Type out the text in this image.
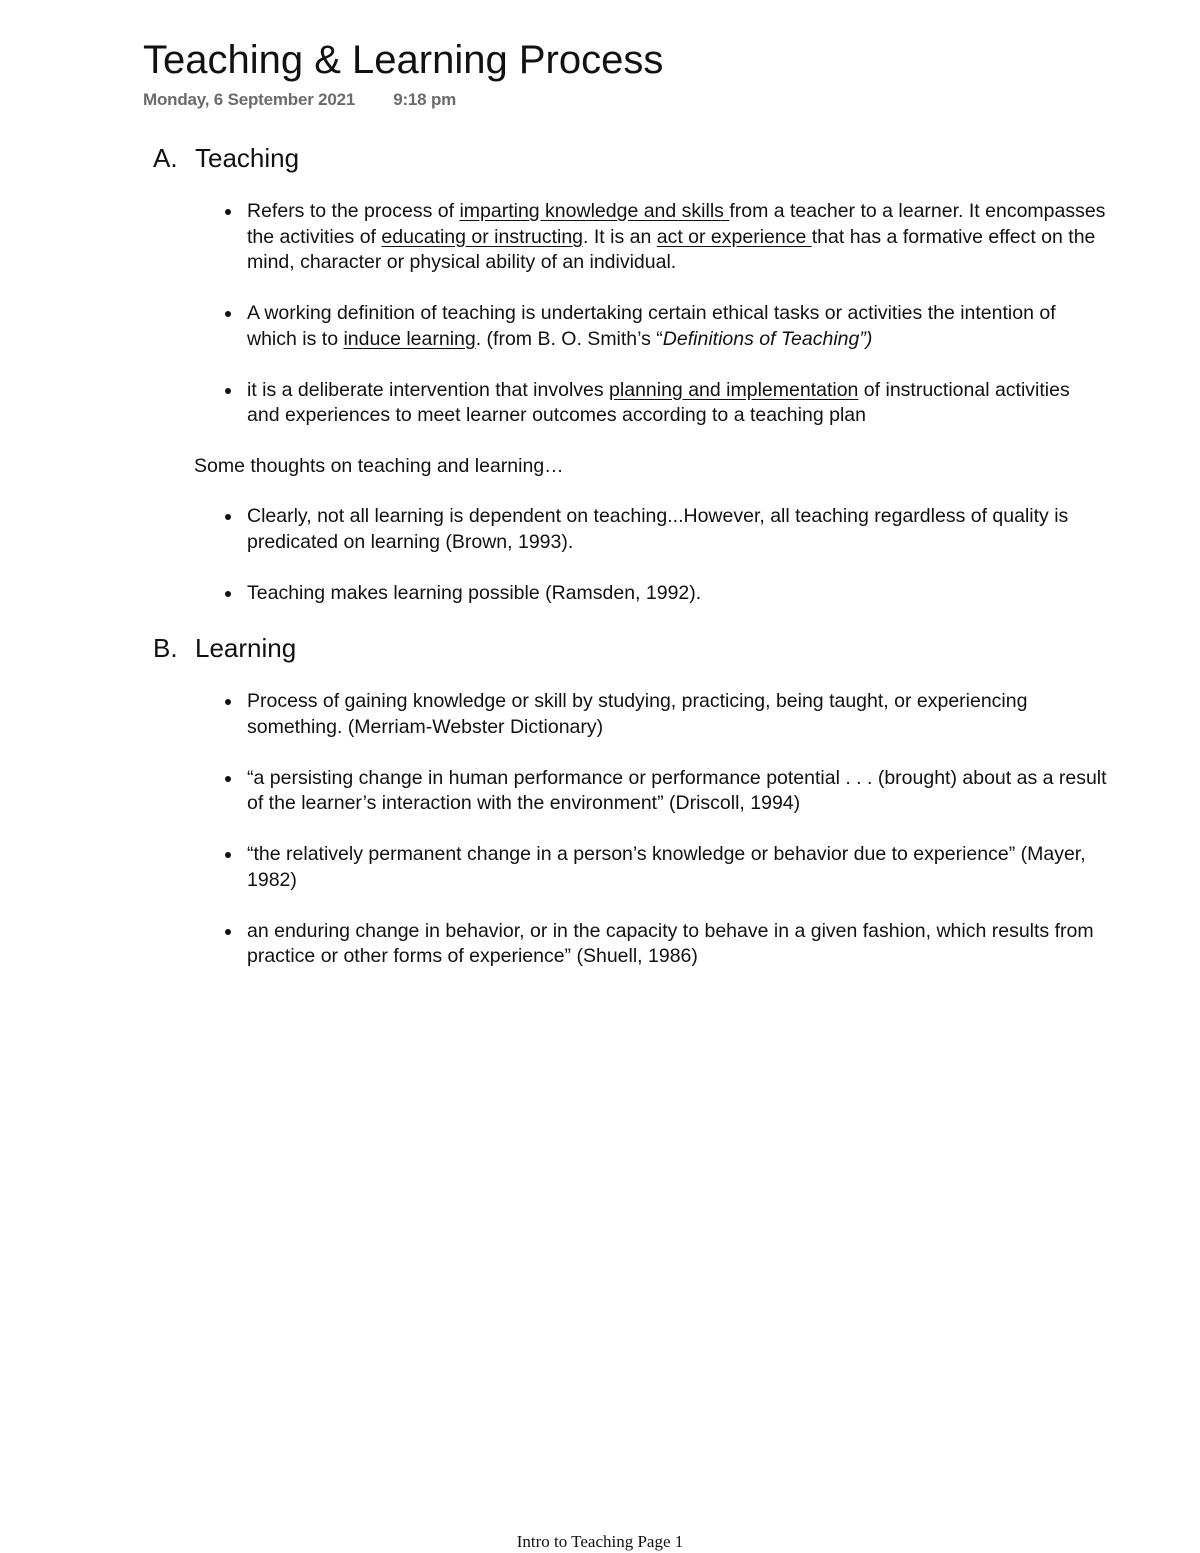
Teaching & Learning Process
Monday, 6 September 2021 9:18 pm
A. Teaching
Refers to the process of imparting knowledge and skills from a teacher to a learner. It encompasses the activities of educating or instructing. It is an act or experience that has a formative effect on the mind, character or physical ability of an individual.
A working definition of teaching is undertaking certain ethical tasks or activities the intention of which is to induce learning. (from B. O. Smith’s “Definitions of Teaching”)
it is a deliberate intervention that involves planning and implementation of instructional activities and experiences to meet learner outcomes according to a teaching plan

Some thoughts on teaching and learning…

Clearly, not all learning is dependent on teaching...However, all teaching regardless of quality is predicated on learning (Brown, 1993).
Teaching makes learning possible (Ramsden, 1992).
B. Learning
Process of gaining knowledge or skill by studying, practicing, being taught, or experiencing something. (Merriam-Webster Dictionary)
“a persisting change in human performance or performance potential . . . (brought) about as a result of the learner’s interaction with the environment” (Driscoll, 1994)
“the relatively permanent change in a person’s knowledge or behavior due to experience” (Mayer, 1982)
an enduring change in behavior, or in the capacity to behave in a given fashion, which results from practice or other forms of experience” (Shuell, 1986)
Intro to Teaching Page 1
